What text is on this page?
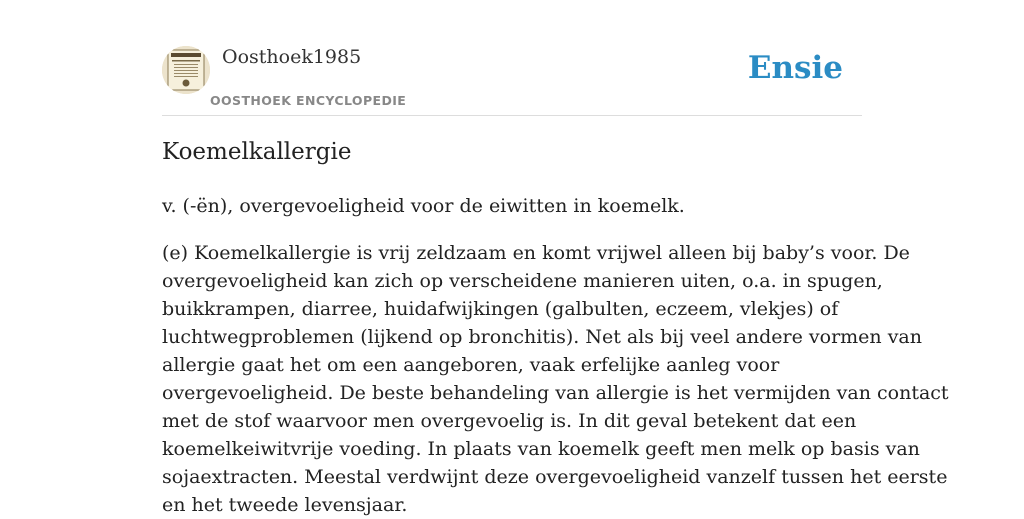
Oosthoek1985
OOSTHOEK ENCYCLOPEDIE
Ensie
Koemelkallergie

v. (-ën), overgevoeligheid voor de eiwitten in koemelk.

(e) Koemelkallergie is vrij zeldzaam en komt vrijwel alleen bij baby’s voor. De
overgevoeligheid kan zich op verscheidene manieren uiten, o.a. in spugen,
buikkrampen, diarree, huidafwijkingen (galbulten, eczeem, vlekjes) of
luchtwegproblemen (lijkend op bronchitis). Net als bij veel andere vormen van
allergie gaat het om een aangeboren, vaak erfelijke aanleg voor
overgevoeligheid. De beste behandeling van allergie is het vermijden van contact
met de stof waarvoor men overgevoelig is. In dit geval betekent dat een
koemelkeiwitvrije voeding. In plaats van koemelk geeft men melk op basis van
sojaextracten. Meestal verdwijnt deze overgevoeligheid vanzelf tussen het eerste
en het tweede levensjaar.
